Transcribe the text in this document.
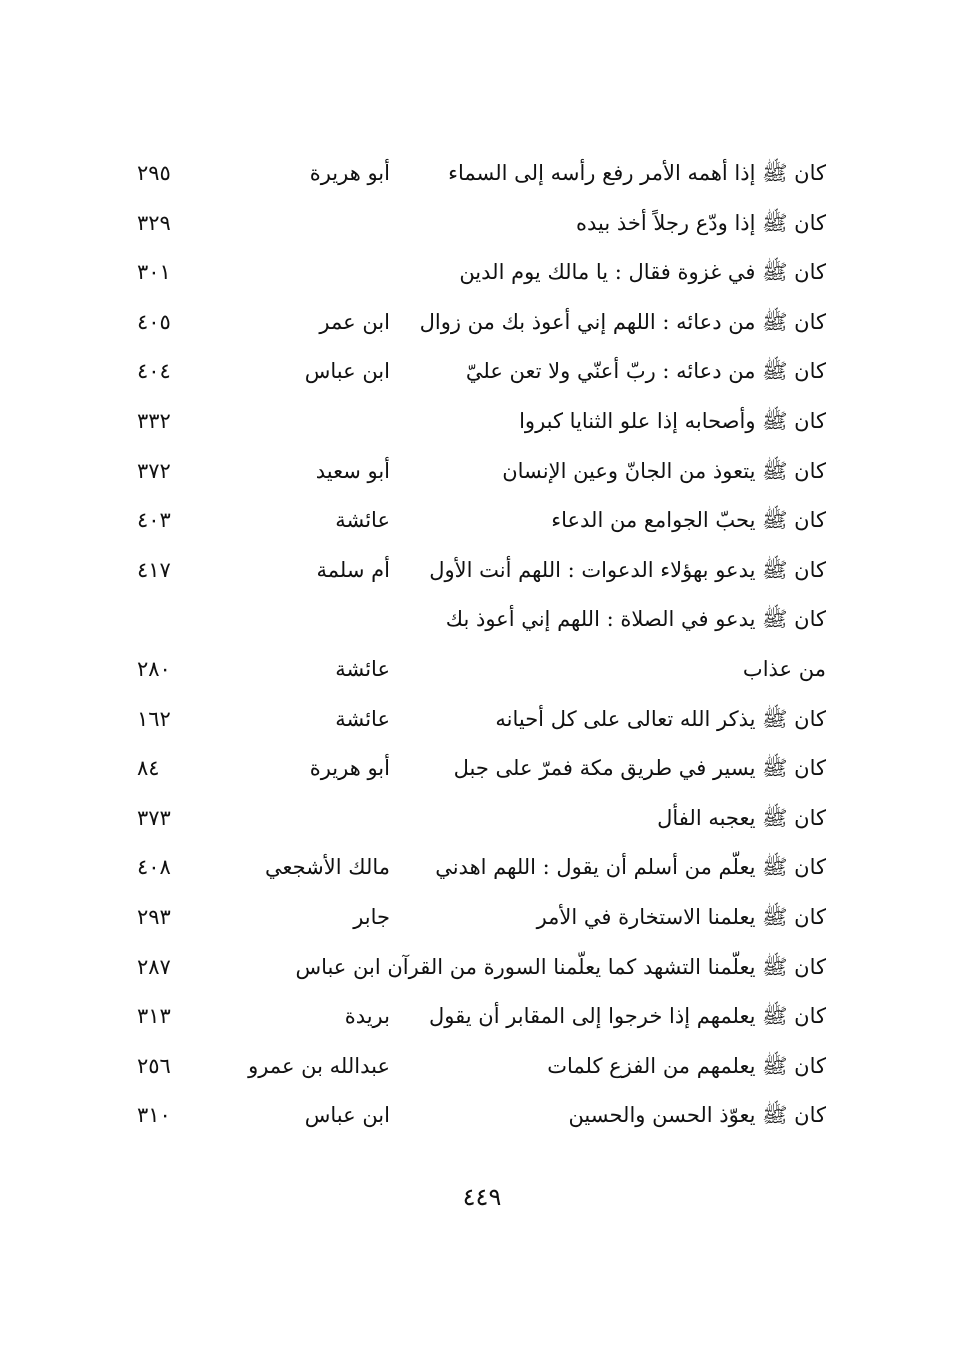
كان ﷺ إذا أهمه الأمر رفع رأسه إلى السماء
أبو هريرة
٢٩٥
كان ﷺ إذا ودّع رجلاً أخذ بيده
٣٢٩
كان ﷺ في غزوة فقال : يا مالك يوم الدين
٣٠١
كان ﷺ من دعائه : اللهم إني أعوذ بك من زوال
ابن عمر
٤٠٥
كان ﷺ من دعائه : ربّ أعنّي ولا تعن عليّ
ابن عباس
٤٠٤
كان ﷺ وأصحابه إذا علو الثنايا كبروا
٣٣٢
كان ﷺ يتعوذ من الجانّ وعين الإنسان
أبو سعيد
٣٧٢
كان ﷺ يحبّ الجوامع من الدعاء
عائشة
٤٠٣
كان ﷺ يدعو بهؤلاء الدعوات : اللهم أنت الأول
أم سلمة
٤١٧
كان ﷺ يدعو في الصلاة : اللهم إني أعوذ بك
من عذاب
عائشة
٢٨٠
كان ﷺ يذكر الله تعالى على كل أحيانه
عائشة
١٦٢
كان ﷺ يسير في طريق مكة فمرّ على جبل
أبو هريرة
٨٤
كان ﷺ يعجبه الفأل
٣٧٣
كان ﷺ يعلّم من أسلم أن يقول : اللهم اهدني
مالك الأشجعي
٤٠٨
كان ﷺ يعلمنا الاستخارة في الأمر
جابر
٢٩٣
كان ﷺ يعلّمنا التشهد كما يعلّمنا السورة من القرآن ابن عباس
٢٨٧
كان ﷺ يعلمهم إذا خرجوا إلى المقابر أن يقول
بريدة
٣١٣
كان ﷺ يعلمهم من الفزع كلمات
عبدالله بن عمرو
٢٥٦
كان ﷺ يعوّذ الحسن والحسين
ابن عباس
٣١٠
٤٤٩
